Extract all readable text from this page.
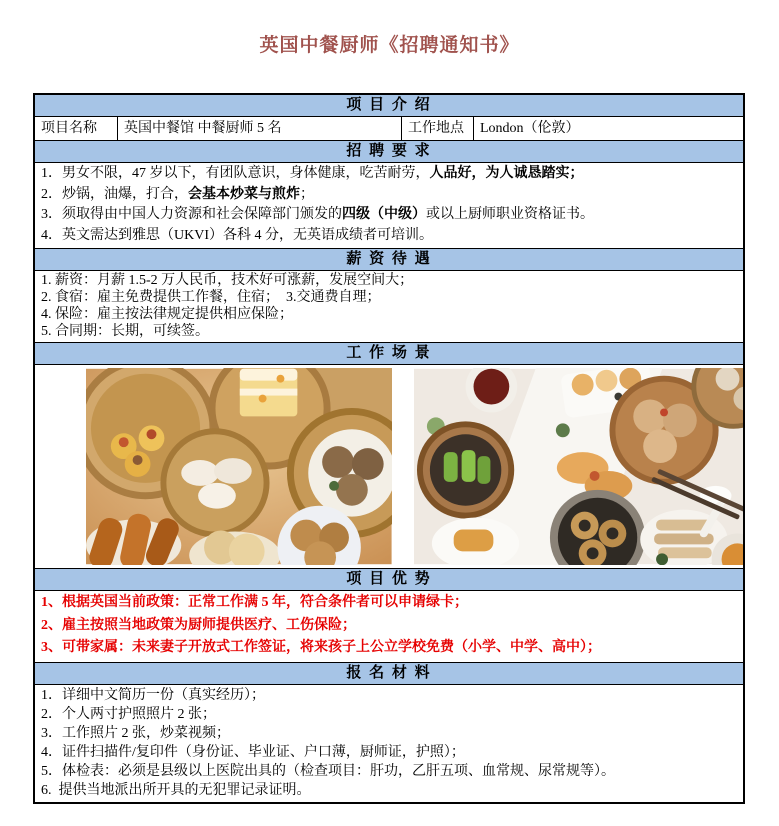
英国中餐厨师《招聘通知书》
项 目 介 绍
项目名称	英国中餐馆 中餐厨师 5 名	工作地点	London（伦敦）
招 聘 要 求
1．男女不限，47 岁以下，有团队意识，身体健康，吃苦耐劳，人品好，为人诚恳踏实；
2．炒锅，油爆，打合，会基本炒菜与煎炸；
3．须取得由中国人力资源和社会保障部门颁发的四级（中级）或以上厨师职业资格证书。
4．英文需达到雅思（UKVI）各科 4 分，无英语成绩者可培训。
薪 资 待 遇
1. 薪资：月薪 1.5-2 万人民币，技术好可涨薪，发展空间大；
2. 食宿：雇主免费提供工作餐，住宿；  3.交通费自理；
4. 保险：雇主按法律规定提供相应保险；
5. 合同期：长期，可续签。
工 作 场 景
项 目 优 势
1、根据英国当前政策：正常工作满 5 年，符合条件者可以申请绿卡；
2、雇主按照当地政策为厨师提供医疗、工伤保险；
3、可带家属：未来妻子开放式工作签证，将来孩子上公立学校免费（小学、中学、高中）；
报 名 材 料
1．详细中文简历一份（真实经历）；
2．个人两寸护照照片 2 张；
3．工作照片 2 张，炒菜视频；
4．证件扫描件/复印件（身份证、毕业证、户口薄，厨师证，护照）；
5．体检表：必须是县级以上医院出具的（检查项目：肝功，乙肝五项、血常规、尿常规等）。
6.  提供当地派出所开具的无犯罪记录证明。
